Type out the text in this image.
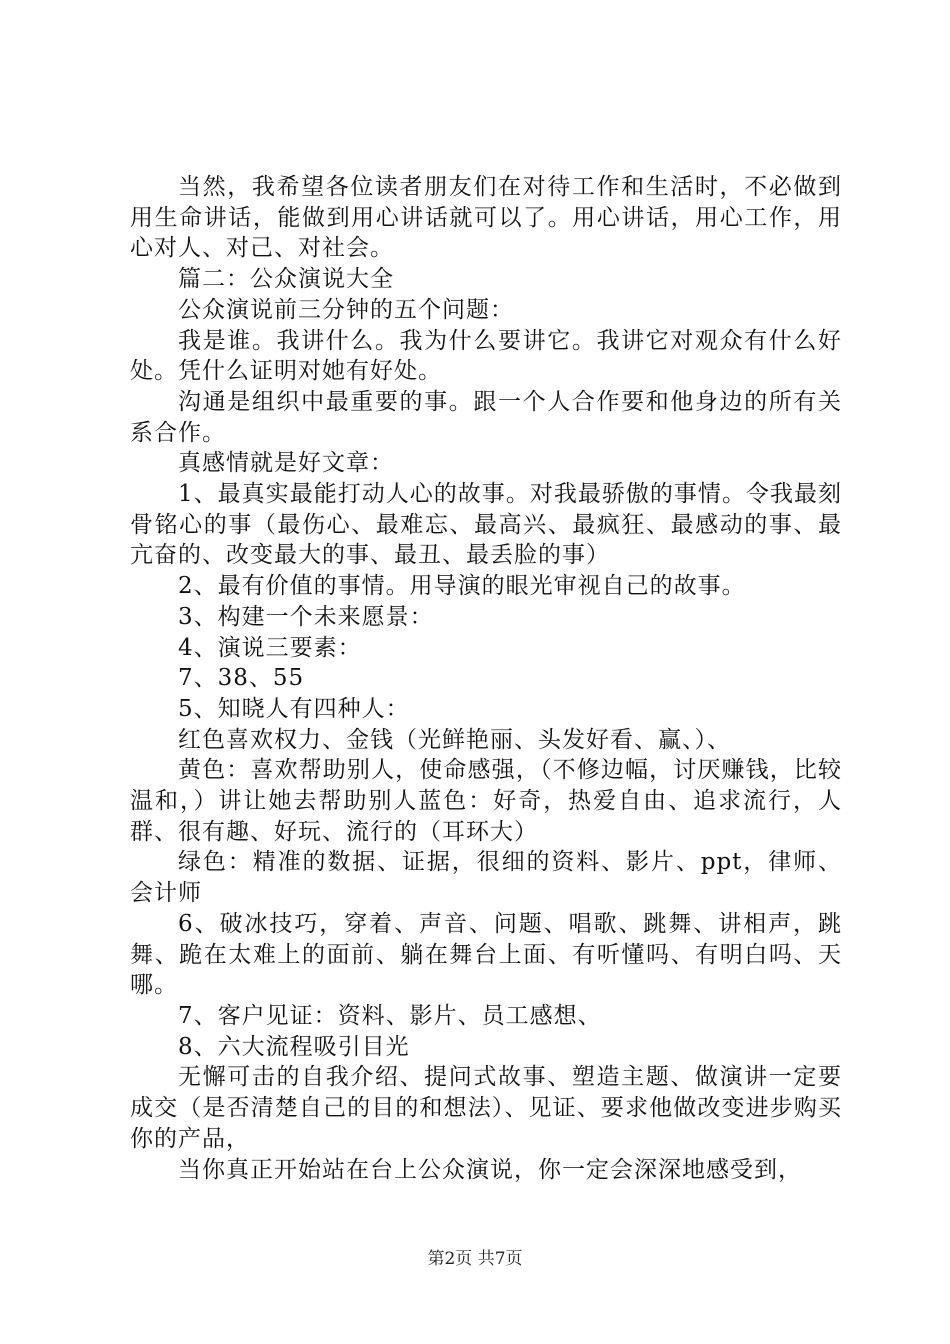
当然，我希望各位读者朋友们在对待工作和生活时，不必做到用生命讲话，能做到用心讲话就可以了。用心讲话，用心工作，用心对人、对己、对社会。

篇二：公众演说大全

公众演说前三分钟的五个问题：

我是谁。我讲什么。我为什么要讲它。我讲它对观众有什么好处。凭什么证明对她有好处。

沟通是组织中最重要的事。跟一个人合作要和他身边的所有关系合作。

真感情就是好文章：

1、最真实最能打动人心的故事。对我最骄傲的事情。令我最刻骨铭心的事（最伤心、最难忘、最高兴、最疯狂、最感动的事、最亢奋的、改变最大的事、最丑、最丢脸的事）

2、最有价值的事情。用导演的眼光审视自己的故事。

3、构建一个未来愿景：

4、演说三要素：

7、38、55

5、知晓人有四种人：

红色喜欢权力、金钱（光鲜艳丽、头发好看、赢、）、

黄色：喜欢帮助别人，使命感强，（不修边幅，讨厌赚钱，比较温和，）讲让她去帮助别人蓝色：好奇，热爱自由、追求流行，人群、很有趣、好玩、流行的（耳环大）

绿色：精准的数据、证据，很细的资料、影片、ppt，律师、会计师

6、破冰技巧，穿着、声音、问题、唱歌、跳舞、讲相声，跳舞、跪在太难上的面前、躺在舞台上面、有听懂吗、有明白吗、天哪。

7、客户见证：资料、影片、员工感想、

8、六大流程吸引目光

无懈可击的自我介绍、提问式故事、塑造主题、做演讲一定要成交（是否清楚自己的目的和想法）、见证、要求他做改变进步购买你的产品，

当你真正开始站在台上公众演说，你一定会深深地感受到，

第2页 共7页
